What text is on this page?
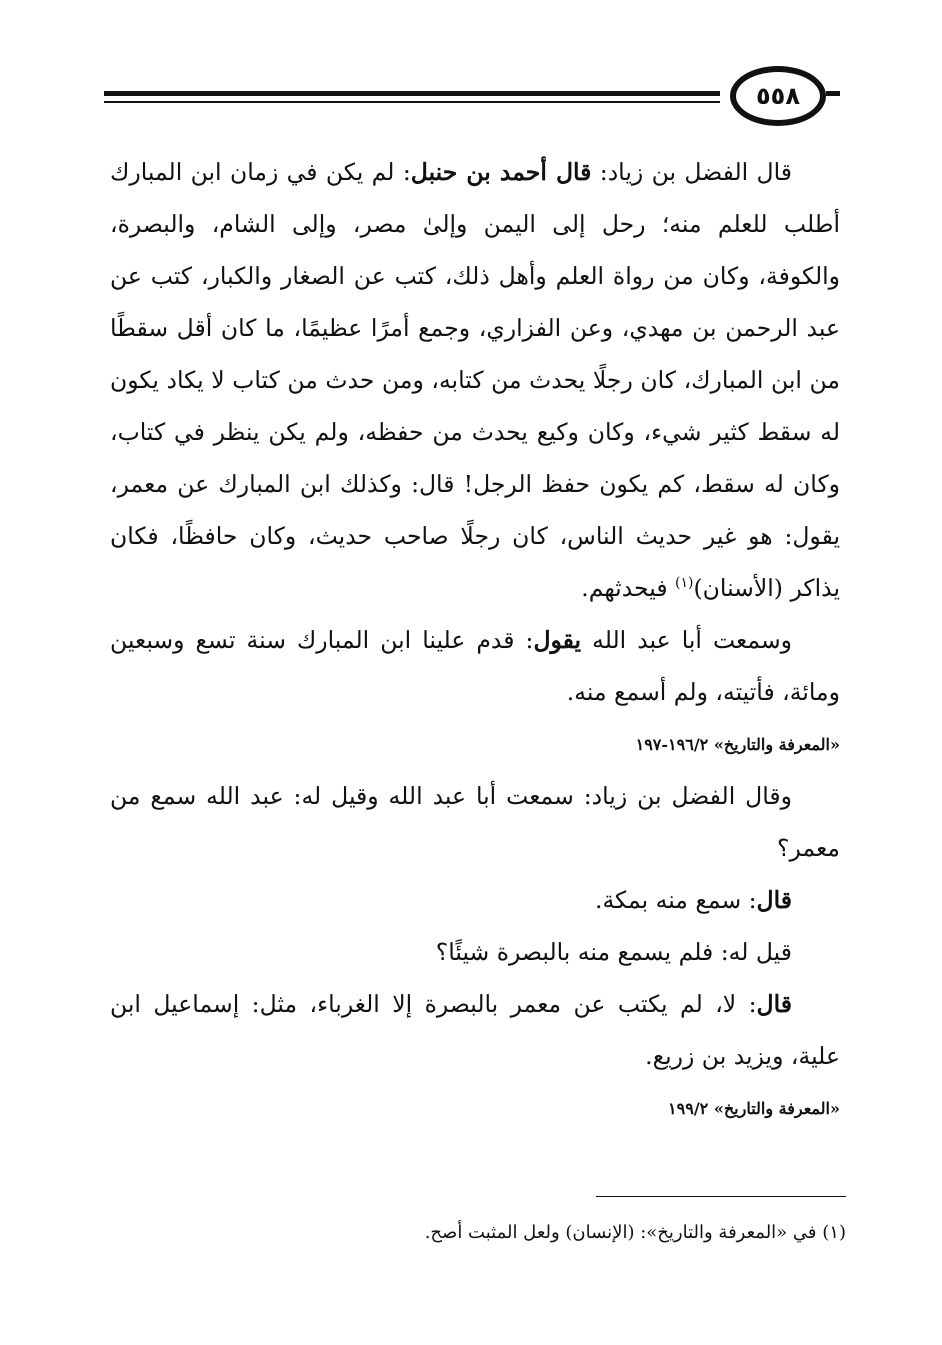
٥٥٨

قال الفضل بن زياد: قال أحمد بن حنبل: لم يكن في زمان ابن المبارك أطلب للعلم منه؛ رحل إلى اليمن وإلىٰ مصر، وإلى الشام، والبصرة، والكوفة، وكان من رواة العلم وأهل ذلك، كتب عن الصغار والكبار، كتب عن عبد الرحمن بن مهدي، وعن الفزاري، وجمع أمرًا عظيمًا، ما كان أقل سقطًا من ابن المبارك، كان رجلًا يحدث من كتابه، ومن حدث من كتاب لا يكاد يكون له سقط كثير شيء، وكان وكيع يحدث من حفظه، ولم يكن ينظر في كتاب، وكان له سقط، كم يكون حفظ الرجل! قال: وكذلك ابن المبارك عن معمر، يقول: هو غير حديث الناس، كان رجلًا صاحب حديث، وكان حافظًا، فكان يذاكر (الأسنان)$^{(١)}$ فيحدثهم.

وسمعت أبا عبد الله يقول: قدم علينا ابن المبارك سنة تسع وسبعين ومائة، فأتيته، ولم أسمع منه.

«المعرفة والتاريخ» ١٩٦/٢-١٩٧

وقال الفضل بن زياد: سمعت أبا عبد الله وقيل له: عبد الله سمع من معمر؟

قال: سمع منه بمكة.

قيل له: فلم يسمع منه بالبصرة شيئًا؟

قال: لا، لم يكتب عن معمر بالبصرة إلا الغرباء، مثل: إسماعيل ابن علية، ويزيد بن زريع.

«المعرفة والتاريخ» ١٩٩/٢

(١) في «المعرفة والتاريخ»: (الإنسان) ولعل المثبت أصح.
